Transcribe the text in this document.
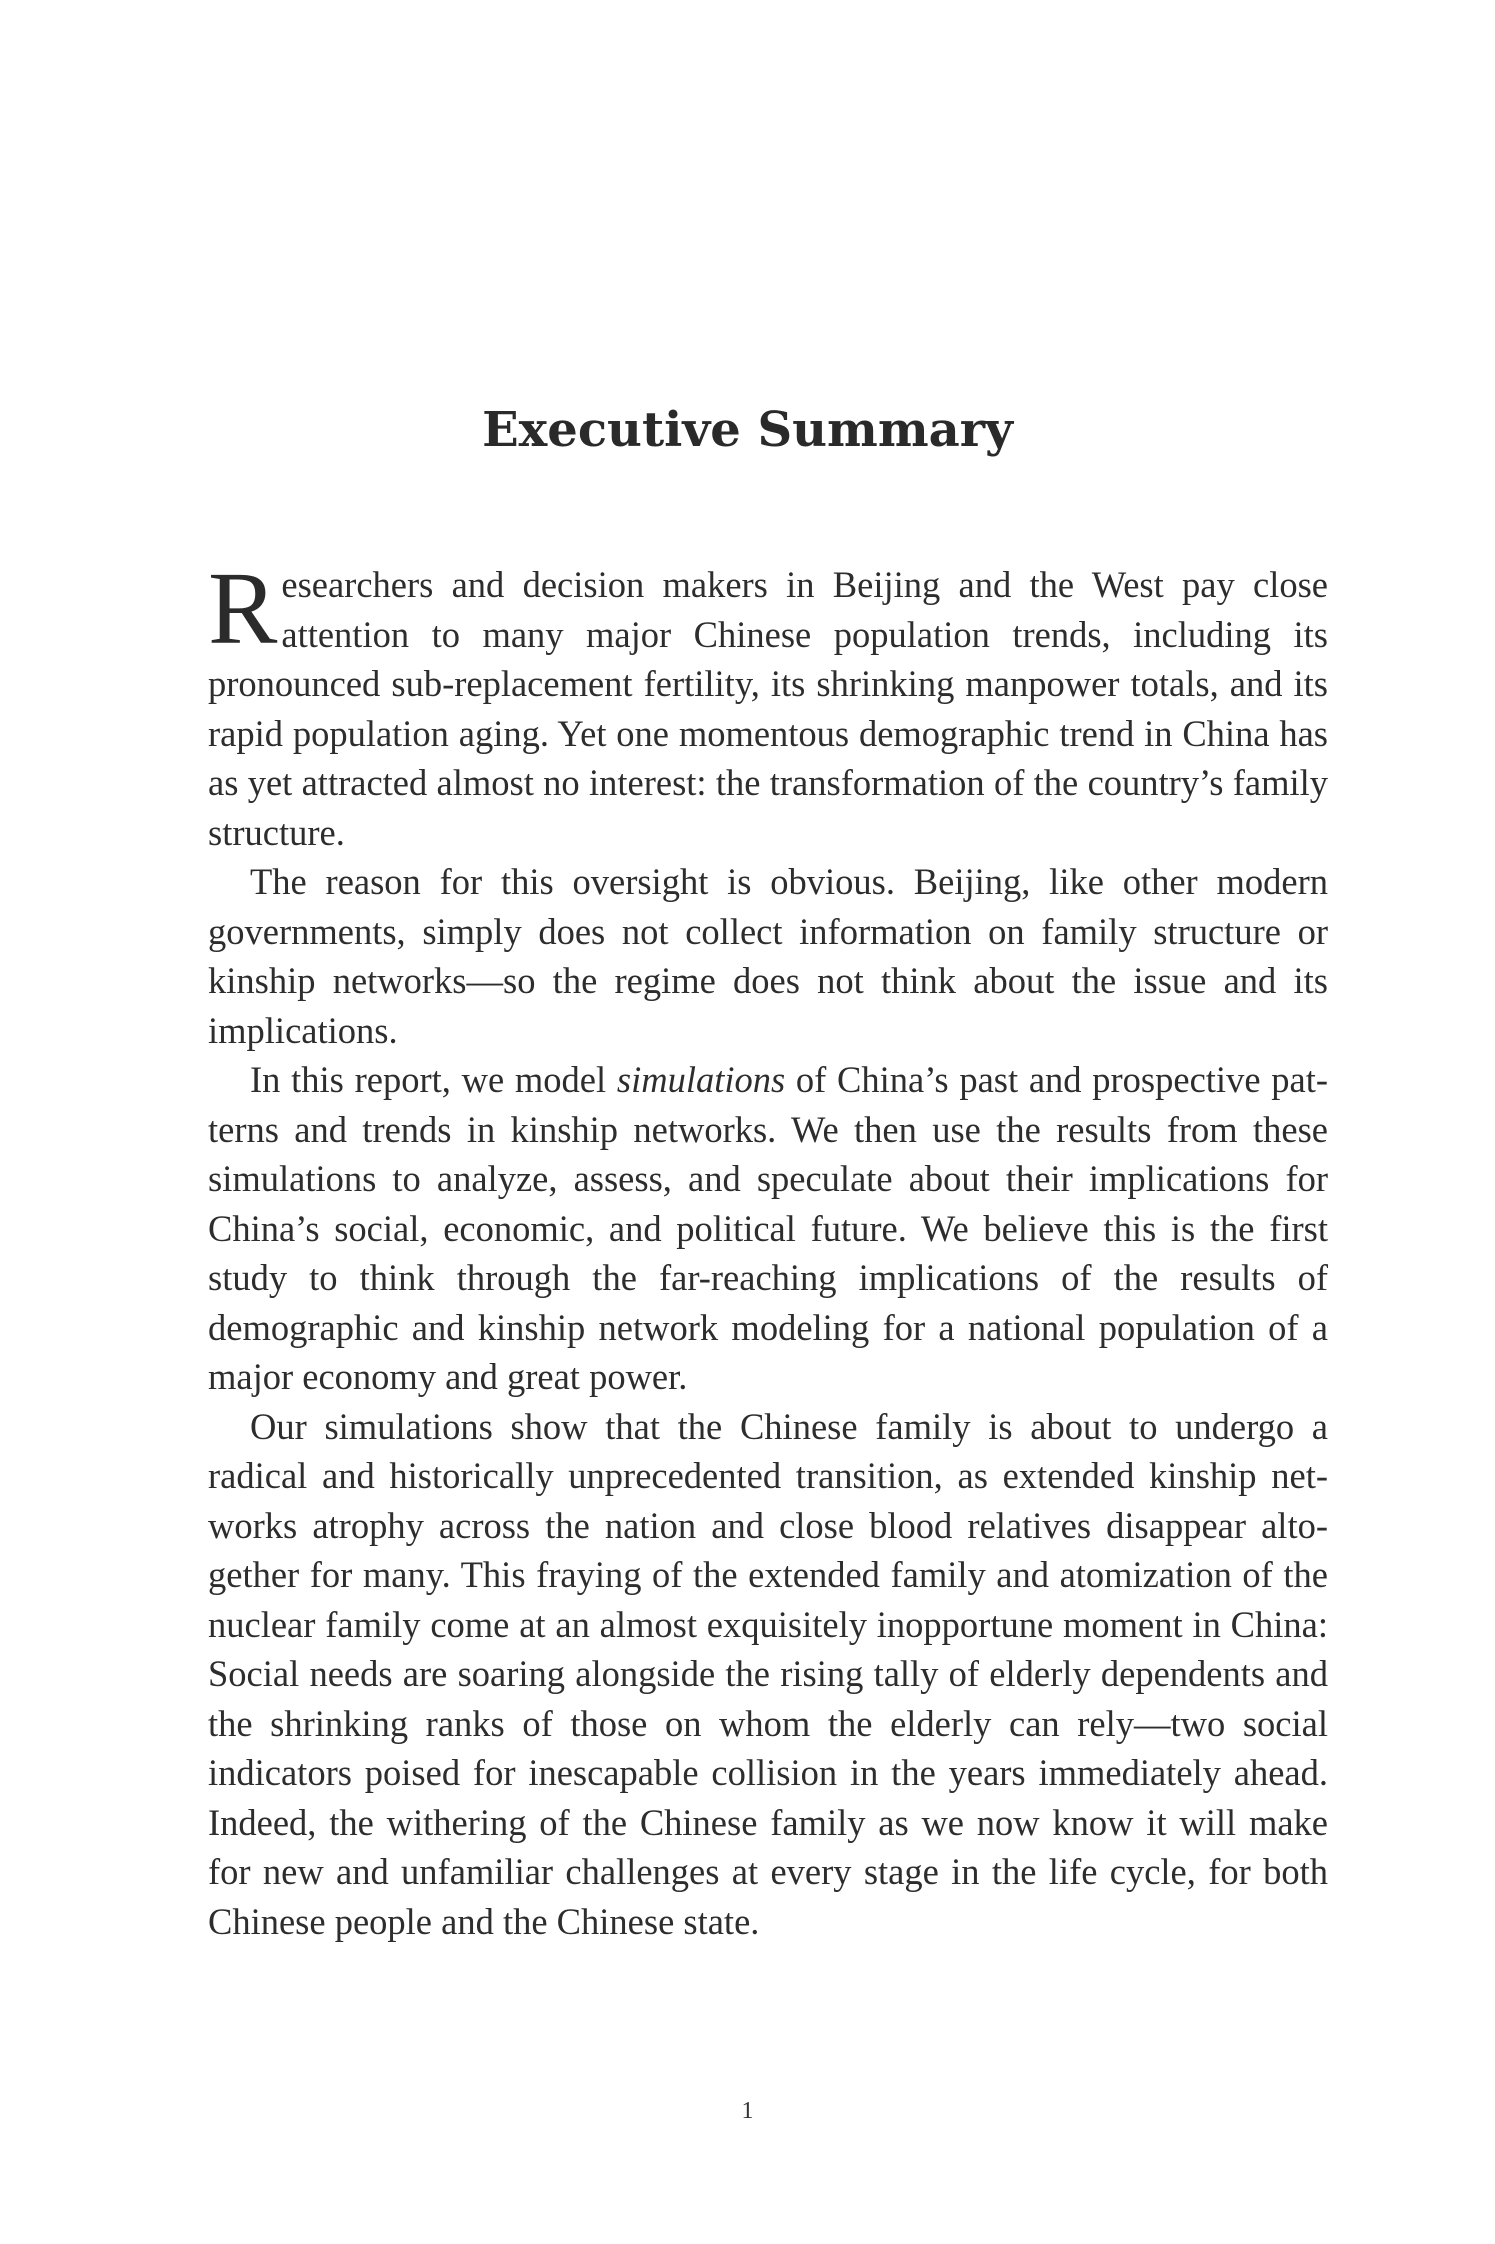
Executive Summary

Researchers and decision makers in Beijing and the West pay close attention to many major Chinese population trends, including its pronounced sub-replacement fertility, its shrinking manpower totals, and its rapid population aging. Yet one momentous demographic trend in China has as yet attracted almost no interest: the transformation of the country’s family structure.

The reason for this oversight is obvious. Beijing, like other modern governments, simply does not collect information on family structure or kinship networks—so the regime does not think about the issue and its implications.

In this report, we model simulations of China’s past and prospective patterns and trends in kinship networks. We then use the results from these simulations to analyze, assess, and speculate about their implications for China’s social, economic, and political future. We believe this is the first study to think through the far-reaching implications of the results of demographic and kinship network modeling for a national population of a major economy and great power.

Our simulations show that the Chinese family is about to undergo a radical and historically unprecedented transition, as extended kinship networks atrophy across the nation and close blood relatives disappear altogether for many. This fraying of the extended family and atomization of the nuclear family come at an almost exquisitely inopportune moment in China: Social needs are soaring alongside the rising tally of elderly dependents and the shrinking ranks of those on whom the elderly can rely—two social indicators poised for inescapable collision in the years immediately ahead. Indeed, the withering of the Chinese family as we now know it will make for new and unfamiliar challenges at every stage in the life cycle, for both Chinese people and the Chinese state.

1
